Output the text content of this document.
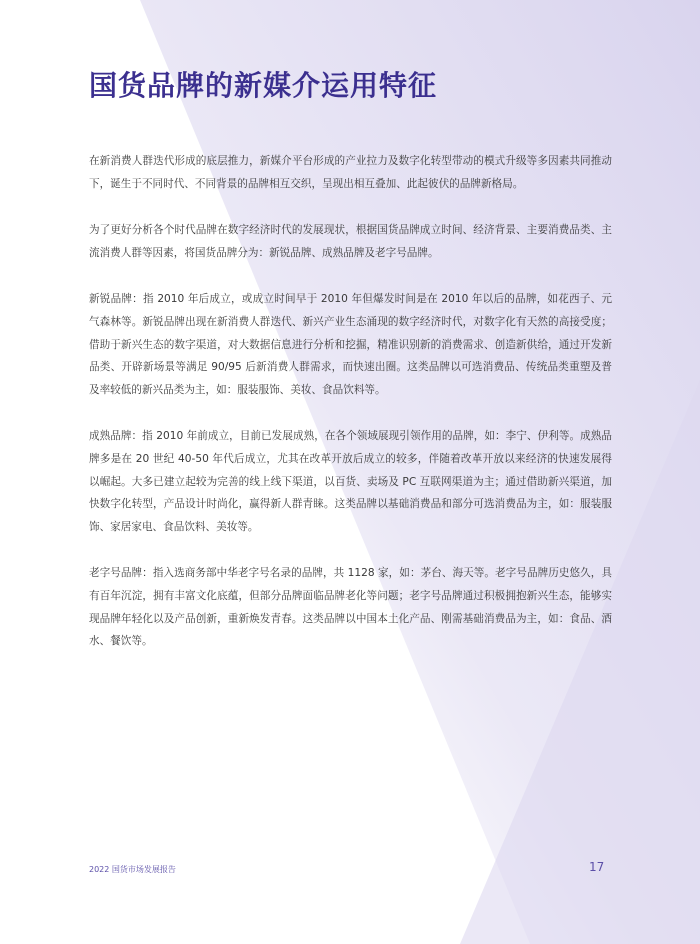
国货品牌的新媒介运用特征

在新消费人群迭代形成的底层推力，新媒介平台形成的产业拉力及数字化转型带动的模式升级等多因素共同推动下，诞生于不同时代、不同背景的品牌相互交织，呈现出相互叠加、此起彼伏的品牌新格局。

为了更好分析各个时代品牌在数字经济时代的发展现状，根据国货品牌成立时间、经济背景、主要消费品类、主流消费人群等因素，将国货品牌分为：新锐品牌、成熟品牌及老字号品牌。

新锐品牌：指 2010 年后成立，或成立时间早于 2010 年但爆发时间是在 2010 年以后的品牌，如花西子、元气森林等。新锐品牌出现在新消费人群迭代、新兴产业生态涌现的数字经济时代，对数字化有天然的高接受度；借助于新兴生态的数字渠道，对大数据信息进行分析和挖掘，精准识别新的消费需求、创造新供给，通过开发新品类、开辟新场景等满足 90/95 后新消费人群需求，而快速出圈。这类品牌以可选消费品、传统品类重塑及普及率较低的新兴品类为主，如：服装服饰、美妆、食品饮料等。

成熟品牌：指 2010 年前成立，目前已发展成熟，在各个领域展现引领作用的品牌，如：李宁、伊利等。成熟品牌多是在 20 世纪 40-50 年代后成立，尤其在改革开放后成立的较多，伴随着改革开放以来经济的快速发展得以崛起。大多已建立起较为完善的线上线下渠道，以百货、卖场及 PC 互联网渠道为主；通过借助新兴渠道，加快数字化转型，产品设计时尚化，赢得新人群青睐。这类品牌以基础消费品和部分可选消费品为主，如：服装服饰、家居家电、食品饮料、美妆等。

老字号品牌：指入选商务部中华老字号名录的品牌，共 1128 家，如：茅台、海天等。老字号品牌历史悠久，具有百年沉淀，拥有丰富文化底蕴，但部分品牌面临品牌老化等问题；老字号品牌通过积极拥抱新兴生态，能够实现品牌年轻化以及产品创新，重新焕发青春。这类品牌以中国本土化产品、刚需基础消费品为主，如：食品、酒水、餐饮等。

2022 国货市场发展报告	17
